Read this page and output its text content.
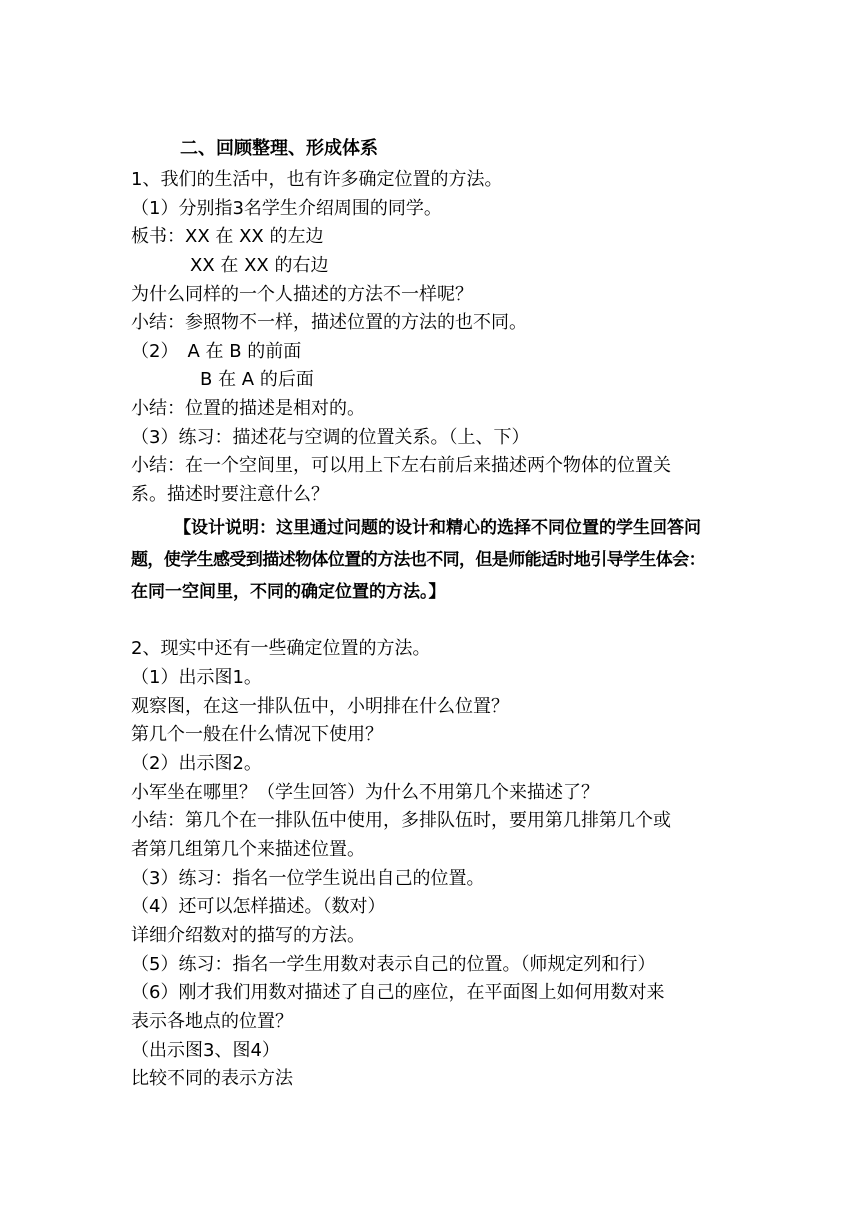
二、回顾整理、形成体系
1、我们的生活中，也有许多确定位置的方法。
（1）分别指3名学生介绍周围的同学。
板书：XX 在 XX 的左边
XX 在 XX 的右边
为什么同样的一个人描述的方法不一样呢？
小结：参照物不一样，描述位置的方法的也不同。
（2）　A 在 B 的前面
B 在 A 的后面
小结：位置的描述是相对的。
（3）练习：描述花与空调的位置关系。（上、下）
小结：在一个空间里，可以用上下左右前后来描述两个物体的位置关
系。描述时要注意什么？
【设计说明：这里通过问题的设计和精心的选择不同位置的学生回答问
题，使学生感受到描述物体位置的方法也不同，但是师能适时地引导学生体会：
在同一空间里，不同的确定位置的方法。】
2、现实中还有一些确定位置的方法。
（1）出示图1。
观察图，在这一排队伍中，小明排在什么位置？
第几个一般在什么情况下使用？
（2）出示图2。
小军坐在哪里？（学生回答）为什么不用第几个来描述了？
小结：第几个在一排队伍中使用，多排队伍时，要用第几排第几个或
者第几组第几个来描述位置。
（3）练习：指名一位学生说出自己的位置。
（4）还可以怎样描述。（数对）
详细介绍数对的描写的方法。
（5）练习：指名一学生用数对表示自己的位置。（师规定列和行）
（6）刚才我们用数对描述了自己的座位，在平面图上如何用数对来
表示各地点的位置？
（出示图3、图4）
比较不同的表示方法
